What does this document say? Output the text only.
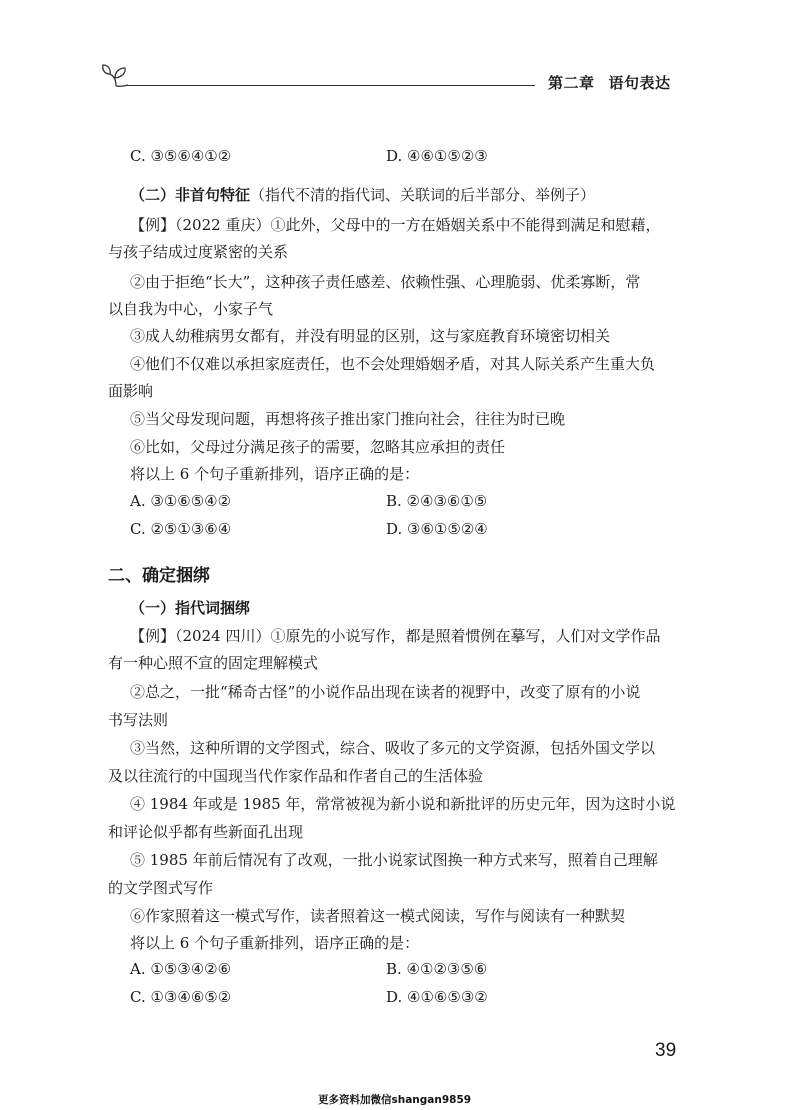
第二章 语句表达
C. ③⑤⑥④①②	D. ④⑥①⑤②③
（二）非首句特征（指代不清的指代词、关联词的后半部分、举例子）
【例】（2022 重庆）①此外，父母中的一方在婚姻关系中不能得到满足和慰藉，
与孩子结成过度紧密的关系
②由于拒绝“长大”，这种孩子责任感差、依赖性强、心理脆弱、优柔寡断，常
以自我为中心，小家子气
③成人幼稚病男女都有，并没有明显的区别，这与家庭教育环境密切相关
④他们不仅难以承担家庭责任，也不会处理婚姻矛盾，对其人际关系产生重大负
面影响
⑤当父母发现问题，再想将孩子推出家门推向社会，往往为时已晚
⑥比如，父母过分满足孩子的需要，忽略其应承担的责任
将以上 6 个句子重新排列，语序正确的是：
A. ③①⑥⑤④②	B. ②④③⑥①⑤
C. ②⑤①③⑥④	D. ③⑥①⑤②④
二、确定捆绑
（一）指代词捆绑
【例】（2024 四川）①原先的小说写作，都是照着惯例在摹写，人们对文学作品
有一种心照不宣的固定理解模式
②总之，一批“稀奇古怪”的小说作品出现在读者的视野中，改变了原有的小说
书写法则
③当然，这种所谓的文学图式，综合、吸收了多元的文学资源，包括外国文学以
及以往流行的中国现当代作家作品和作者自己的生活体验
④ 1984 年或是 1985 年，常常被视为新小说和新批评的历史元年，因为这时小说
和评论似乎都有些新面孔出现
⑤ 1985 年前后情况有了改观，一批小说家试图换一种方式来写，照着自己理解
的文学图式写作
⑥作家照着这一模式写作，读者照着这一模式阅读，写作与阅读有一种默契
将以上 6 个句子重新排列，语序正确的是：
A. ①⑤③④②⑥	B. ④①②③⑤⑥
C. ①③④⑥⑤②	D. ④①⑥⑤③②
39
更多资料加微信shangan9859
